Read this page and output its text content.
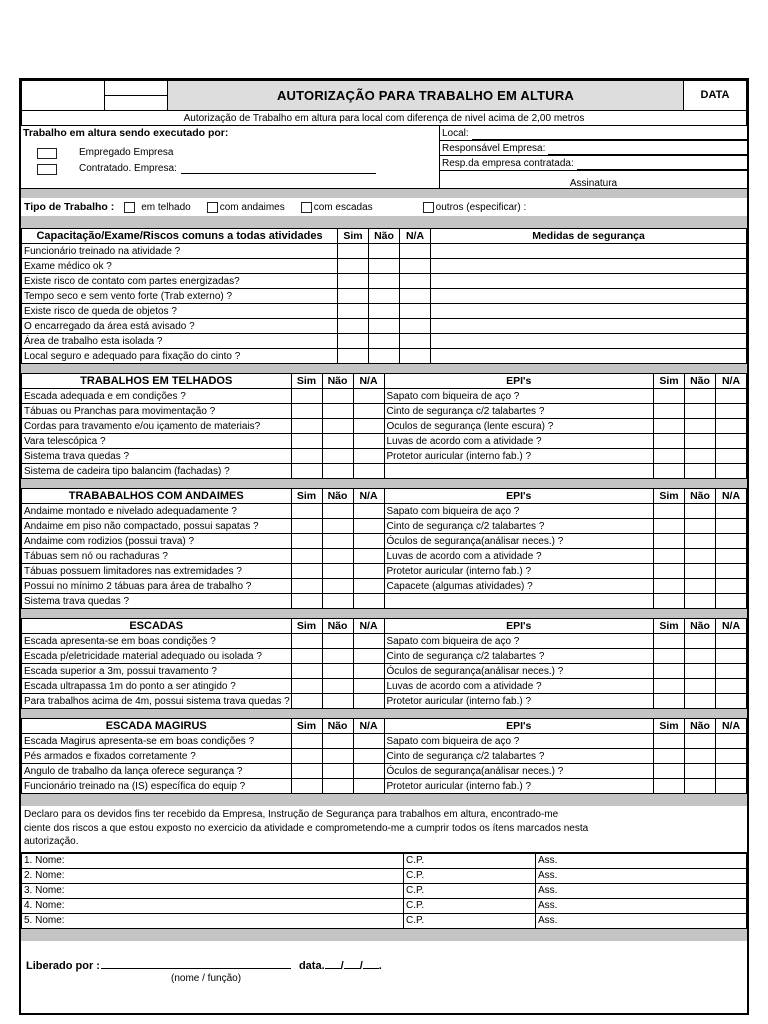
		AUTORIZAÇÃO PARA TRABALHO EM ALTURA	DATA

Autorização de Trabalho em altura para local com diferença de nivel acima de 2,00 metros
Trabalho em altura sendo executado por:
Empregado Empresa
Contratado. Empresa:
Local:
Responsável Empresa:
Resp.da empresa contratada:
Assinatura
Tipo de Trabalho :	em telhado	com andaimes	com escadas	outros (especificar) :
Capacitação/Exame/Riscos comuns a todas atividades	Sim	Não	N/A	Medidas de segurança
Funcionário treinado na atividade ?				
Exame médico ok ?				
Existe risco de contato com partes energizadas?				
Tempo seco e sem vento forte (Trab externo) ?				
Existe risco de queda de objetos ?				
O encarregado da área está avisado ?				
Área de trabalho esta isolada ?				
Local seguro e adequado para fixação do cinto ?				
TRABALHOS EM TELHADOS	Sim	Não	N/A	EPI's	Sim	Não	N/A
Escada adequada e em condições ?				Sapato com biqueira de aço ?			
Tábuas ou Pranchas para movimentação ?				Cinto de segurança c/2 talabartes ?			
Cordas para travamento e/ou içamento de materiais?				Oculos de segurança (lente escura) ?			
Vara telescópica ?				Luvas de acordo com a atividade ?			
Sistema trava quedas ?				Protetor auricular (interno fab.) ?			
Sistema de cadeira tipo balancim (fachadas) ?							
TRABABALHOS COM ANDAIMES	Sim	Não	N/A	EPI's	Sim	Não	N/A
Andaime montado e nivelado adequadamente ?				Sapato com biqueira de aço ?			
Andaime em piso não compactado, possui sapatas ?				Cinto de segurança c/2 talabartes ?			
Andaime com rodizios (possui trava) ?				Óculos de segurança(análisar neces.) ?			
Tábuas sem nó ou rachaduras ?				Luvas de acordo com a atividade ?			
Tábuas possuem limitadores nas extremidades ?				Protetor auricular (interno fab.) ?			
Possui no mínimo 2 tábuas para área de trabalho ?				Capacete (algumas atividades) ?			
Sistema trava quedas ?							
ESCADAS	Sim	Não	N/A	EPI's	Sim	Não	N/A
Escada apresenta-se em boas condições ?				Sapato com biqueira de aço ?			
Escada p/eletricidade material adequado ou isolada ?				Cinto de segurança c/2 talabartes ?			
Escada superior a 3m, possui travamento ?				Óculos de segurança(análisar neces.) ?			
Escada ultrapassa 1m do ponto a ser atingido ?				Luvas de acordo com a atividade ?			
Para trabalhos acima de 4m, possui sistema trava quedas ?				Protetor auricular (interno fab.) ?			
ESCADA MAGIRUS	Sim	Não	N/A	EPI's	Sim	Não	N/A
Escada Magirus apresenta-se em boas condições ?				Sapato com biqueira de aço ?			
Pés armados e fixados corretamente ?				Cinto de segurança c/2 talabartes ?			
Angulo de trabalho da lança oferece segurança ?				Óculos de segurança(análisar neces.) ?			
Funcionário treinado na (IS) específica do equip ?				Protetor auricular (interno fab.) ?			
Declaro para os devidos fins ter recebido da Empresa, Instrução de Segurança para trabalhos em altura, encontrado-me
ciente dos riscos a que estou exposto no exercicio da atividade e comprometendo-me a cumprir todos os ítens marcados nesta
autorização.
1. Nome:	C.P.	Ass.
2. Nome:	C.P.	Ass.
3. Nome:	C.P.	Ass.
4. Nome:	C.P.	Ass.
5. Nome:	C.P.	Ass.
Liberado por :	data. / / .
(nome / função)
